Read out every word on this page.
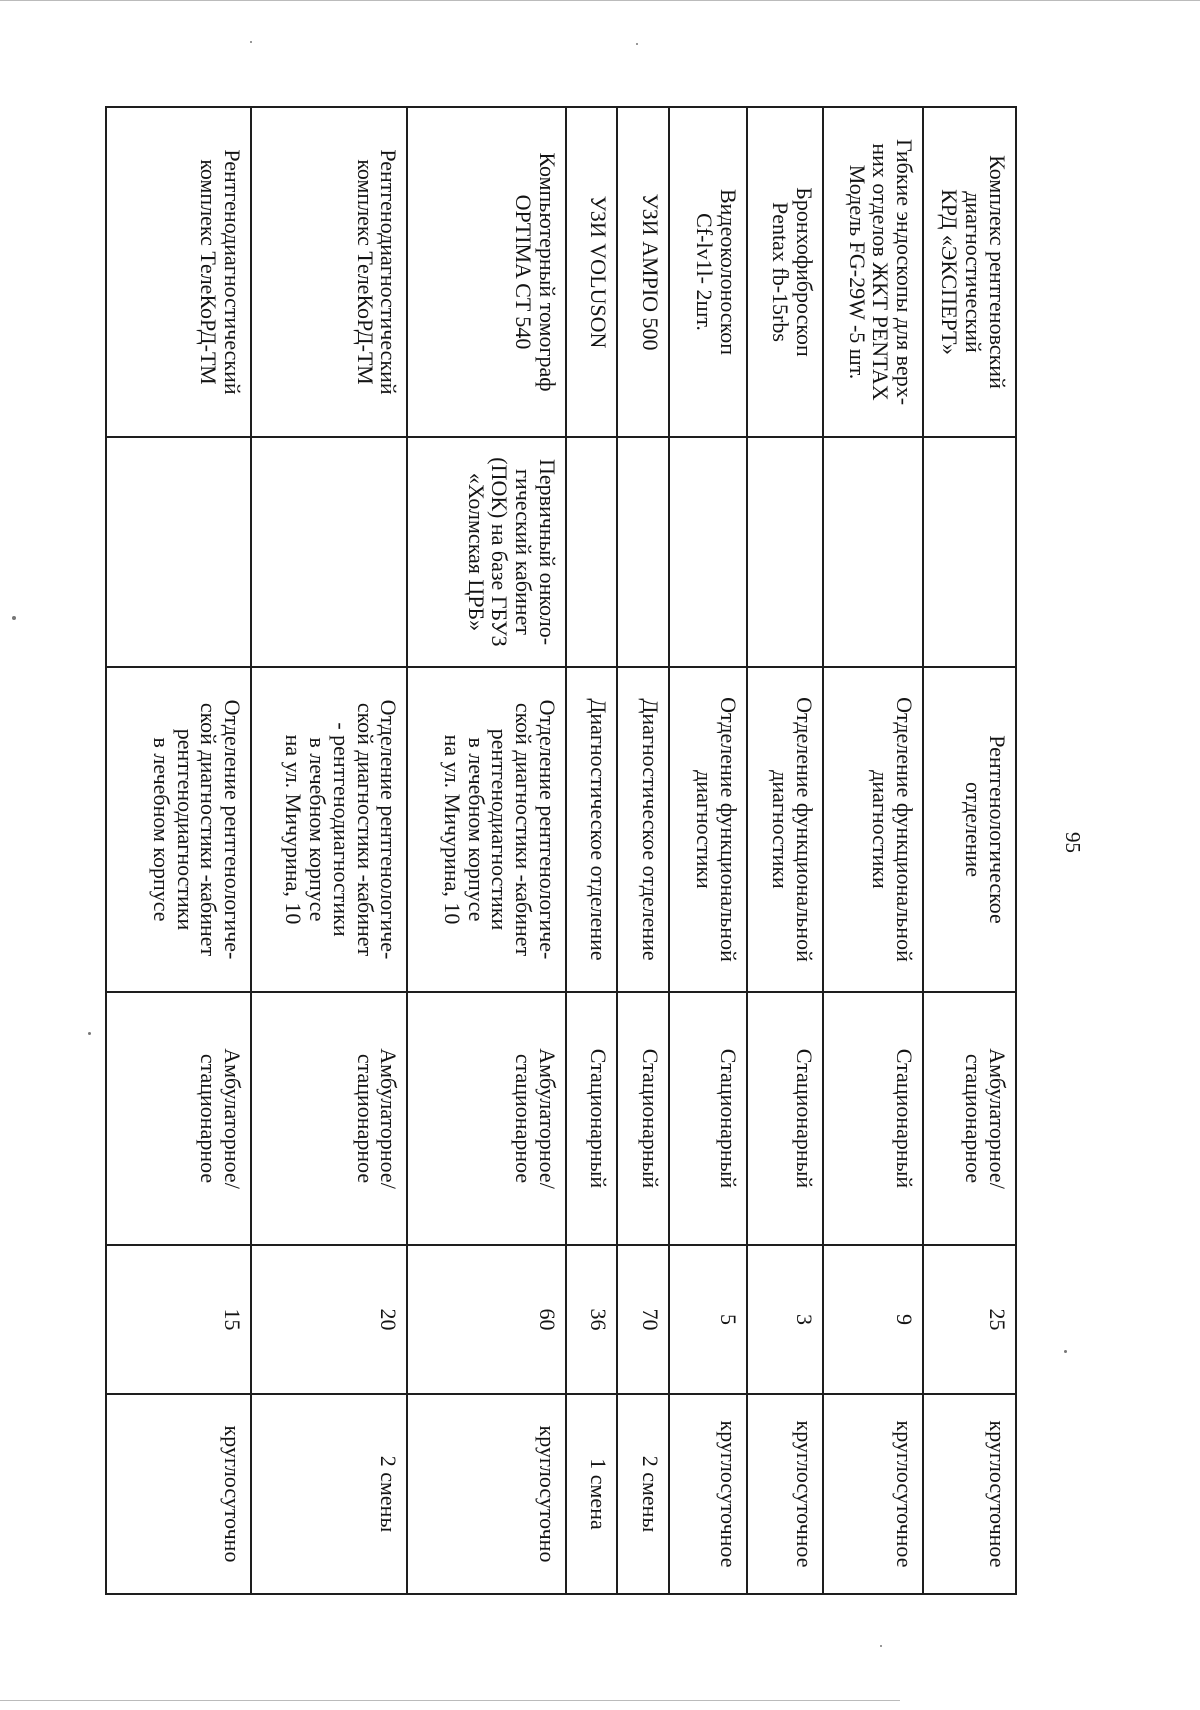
95
Комплекс рентгеновский
диагностический
КРД «ЭКСПЕРТ»		Рентгенологическое
отделение	Амбулаторное/
стационарное	25	круглосуточное
Гибкие эндоскопы для верх-
них отделов ЖКТ PENTAX
Модель FG-29W -5 шт.		Отделение функциональной
диагностики	Стационарный	9	круглосуточное
Бронхофиброскоп
Pentax fb-15rbs		Отделение функциональной
диагностики	Стационарный	3	круглосуточное
Видеоколоноскоп
Cf-lv1l- 2шт.		Отделение функциональной
диагностики	Стационарный	5	круглосуточное
УЗИ AMPIO 500		Диагностическое отделение	Стационарный	70	2 смены
УЗИ VOLUSON		Диагностическое отделение	Стационарный	36	1 смена
Компьютерный томограф
OPTIMA CT 540	Первичный онколо-
гический кабинет
(ПОК) на базе ГБУЗ
«Холмская ЦРБ»	Отделение рентгенологиче-
ской диагностики -кабинет
рентгенодиагностики
в лечебном корпусе
на ул. Мичурина, 10	Амбулаторное/
стационарное	60	круглосуточно
Рентгенодиагностический
комплекс ТелеКоРД-ТМ		Отделение рентгенологиче-
ской диагностики -кабинет
- рентгенодиагностики
в лечебном корпусе
на ул. Мичурина, 10	Амбулаторное/
стационарное	20	2 смены
Рентгенодиагностический
комплекс ТелеКоРД-ТМ		Отделение рентгенологиче-
ской диагностики -кабинет
рентгенодиагностики
в лечебном корпусе	Амбулаторное/
стационарное	15	круглосуточно
